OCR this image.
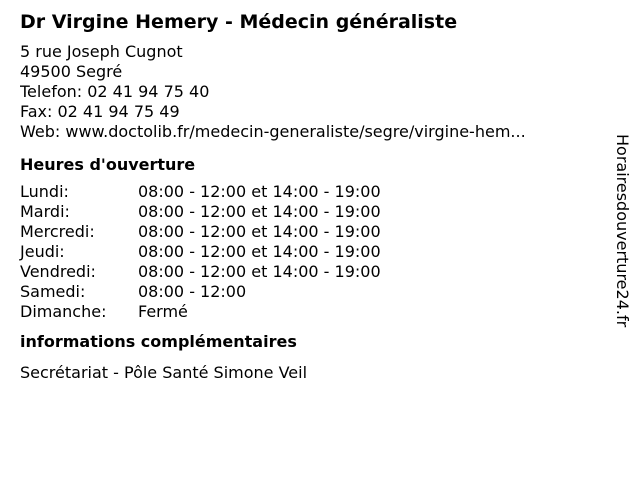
Dr Virgine Hemery - Médecin généraliste
5 rue Joseph Cugnot
49500 Segré
Telefon: 02 41 94 75 40
Fax: 02 41 94 75 49
Web: www.doctolib.fr/medecin-generaliste/segre/virgine-hem...
Heures d'ouverture
Lundi:	08:00 - 12:00 et 14:00 - 19:00
Mardi:	08:00 - 12:00 et 14:00 - 19:00
Mercredi:	08:00 - 12:00 et 14:00 - 19:00
Jeudi:	08:00 - 12:00 et 14:00 - 19:00
Vendredi:	08:00 - 12:00 et 14:00 - 19:00
Samedi:	08:00 - 12:00
Dimanche:	Fermé
informations complémentaires
Secrétariat - Pôle Santé Simone Veil
Horairesdouverture24.fr
